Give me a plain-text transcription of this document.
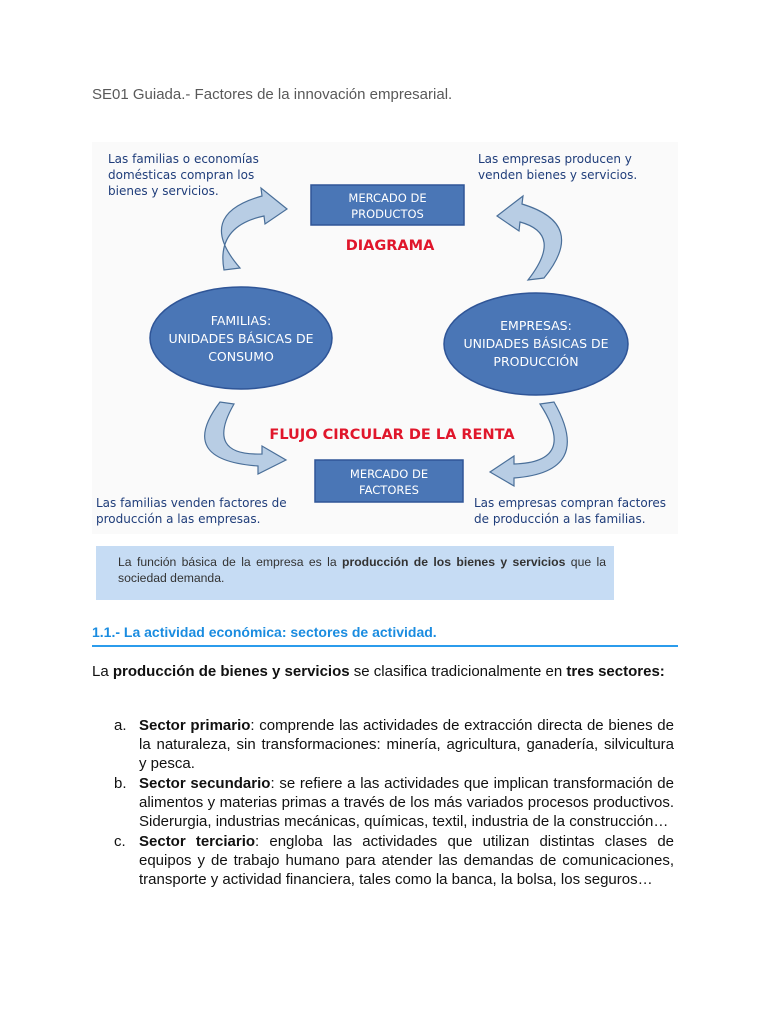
SE01 Guiada.- Factores de la innovación empresarial.
Las familias o economías
domésticas compran los
bienes y servicios.
Las empresas producen y
venden bienes y servicios.
Las familias venden factores de
producción a las empresas.
Las empresas compran factores
de producción a las familias.
MERCADO DE
PRODUCTOS
MERCADO DE
FACTORES
DIAGRAMA
FLUJO CIRCULAR DE LA RENTA
FAMILIAS:
UNIDADES BÁSICAS DE
CONSUMO
EMPRESAS:
UNIDADES BÁSICAS DE
PRODUCCIÓN
La función básica de la empresa es la producción de los bienes y servicios que la sociedad demanda.
1.1.- La actividad económica: sectores de actividad.
La producción de bienes y servicios se clasifica tradicionalmente en tres sectores:
a. Sector primario: comprende las actividades de extracción directa de bienes de la naturaleza, sin transformaciones: minería, agricultura, ganadería, silvicultura y pesca.
b. Sector secundario: se refiere a las actividades que implican transformación de alimentos y materias primas a través de los más variados procesos productivos. Siderurgia, industrias mecánicas, químicas, textil, industria de la construcción…
c. Sector terciario: engloba las actividades que utilizan distintas clases de equipos y de trabajo humano para atender las demandas de comunicaciones, transporte y actividad financiera, tales como la banca, la bolsa, los seguros…
